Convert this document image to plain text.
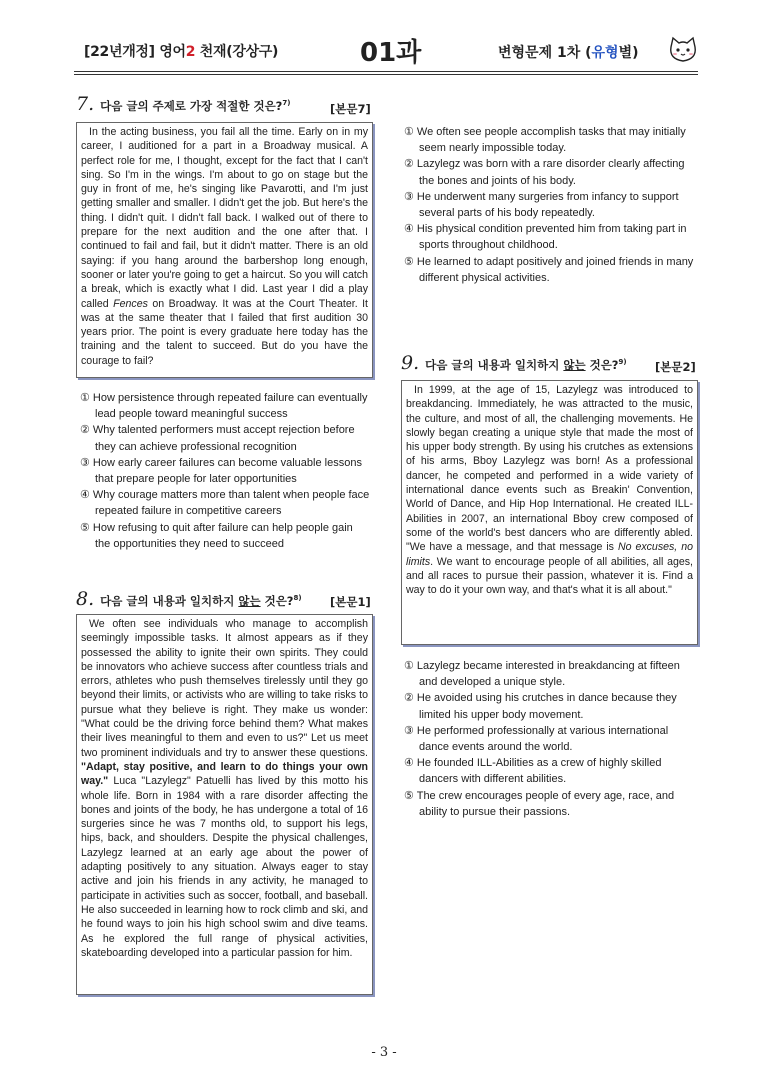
[22년개정] 영어2 천재(강상구)	01과	변형문제 1차 (유형별)
7. 다음 글의 주제로 가장 적절한 것은?$^{7)}$	[본문7]
In the acting business, you fail all the time. Early on in my career, I auditioned for a part in a Broadway musical. A perfect role for me, I thought, except for the fact that I can't sing. So I'm in the wings. I'm about to go on stage but the guy in front of me, he's singing like Pavarotti, and I'm just getting smaller and smaller. I didn't get the job. But here's the thing. I didn't quit. I didn't fall back. I walked out of there to prepare for the next audition and the one after that. I continued to fail and fail, but it didn't matter. There is an old saying: if you hang around the barbershop long enough, sooner or later you're going to get a haircut. So you will catch a break, which is exactly what I did. Last year I did a play called Fences on Broadway. It was at the Court Theater. It was at the same theater that I failed that first audition 30 years prior. The point is every graduate here today has the training and the talent to succeed. But do you have the courage to fail?

① How persistence through repeated failure can eventually lead people toward meaningful success

② Why talented performers must accept rejection before they can achieve professional recognition

③ How early career failures can become valuable lessons that prepare people for later opportunities

④ Why courage matters more than talent when people face repeated failure in competitive careers

⑤ How refusing to quit after failure can help people gain the opportunities they need to succeed

8. 다음 글의 내용과 일치하지 않는 것은?$^{8)}$ [본문1]
We often see individuals who manage to accomplish seemingly impossible tasks. It almost appears as if they possessed the ability to ignite their own spirits. They could be innovators who achieve success after countless trials and errors, athletes who push themselves tirelessly until they go beyond their limits, or activists who are willing to take risks to pursue what they believe is right. They make us wonder: "What could be the driving force behind them? What makes their lives meaningful to them and even to us?" Let us meet two prominent individuals and try to answer these questions. "Adapt, stay positive, and learn to do things your own way." Luca "Lazylegz" Patuelli has lived by this motto his whole life. Born in 1984 with a rare disorder affecting the bones and joints of the body, he has undergone a total of 16 surgeries since he was 7 months old, to support his legs, hips, back, and shoulders. Despite the physical challenges, Lazylegz learned at an early age about the power of adapting positively to any situation. Always eager to stay active and join his friends in any activity, he managed to participate in activities such as soccer, football, and baseball. He also succeeded in learning how to rock climb and ski, and he found ways to join his high school swim and dive teams. As he explored the full range of physical activities, skateboarding developed into a particular passion for him.

① We often see people accomplish tasks that may initially seem nearly impossible today.

② Lazylegz was born with a rare disorder clearly affecting the bones and joints of his body.

③ He underwent many surgeries from infancy to support several parts of his body repeatedly.

④ His physical condition prevented him from taking part in sports throughout childhood.

⑤ He learned to adapt positively and joined friends in many different physical activities.

9. 다음 글의 내용과 일치하지 않는 것은?$^{9)}$ [본문2]
In 1999, at the age of 15, Lazylegz was introduced to breakdancing. Immediately, he was attracted to the music, the culture, and most of all, the challenging movements. He slowly began creating a unique style that made the most of his upper body strength. By using his crutches as extensions of his arms, Bboy Lazylegz was born! As a professional dancer, he competed and performed in a wide variety of international dance events such as Breakin' Convention, World of Dance, and Hip Hop International. He created ILL-Abilities in 2007, an international Bboy crew composed of some of the world's best dancers who are differently abled. "We have a message, and that message is No excuses, no limits. We want to encourage people of all abilities, all ages, and all races to pursue their passion, whatever it is. Find a way to do it your own way, and that's what it is all about."

① Lazylegz became interested in breakdancing at fifteen and developed a unique style.

② He avoided using his crutches in dance because they limited his upper body movement.

③ He performed professionally at various international dance events around the world.

④ He founded ILL-Abilities as a crew of highly skilled dancers with different abilities.

⑤ The crew encourages people of every age, race, and ability to pursue their passions.

- 3 -
